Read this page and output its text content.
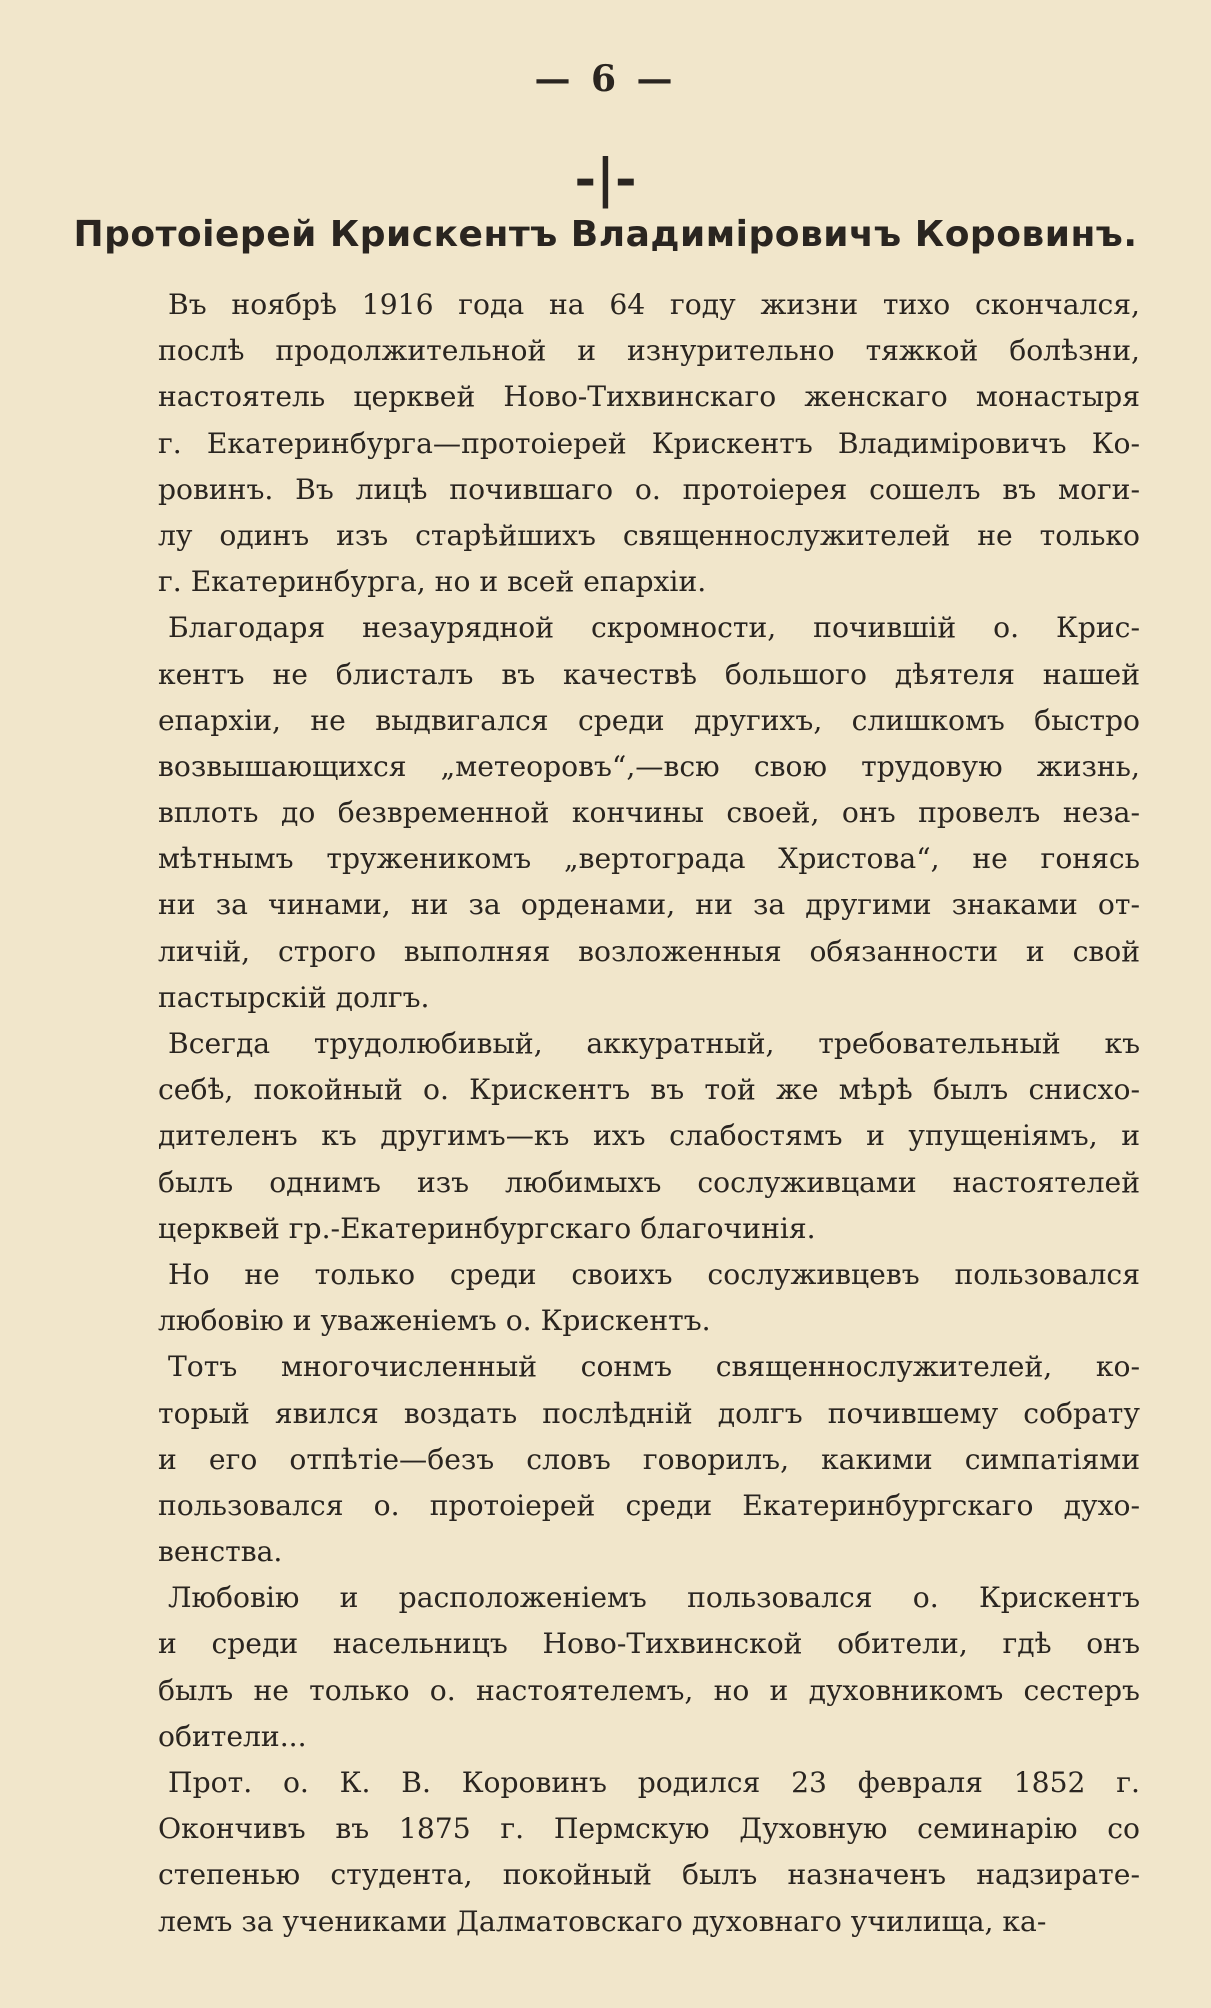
— 6 —
-|-
Протоіерей Крискентъ Владиміровичъ Коровинъ.
Въ ноябрѣ 1916 года на 64 году жизни тихо скончался,
послѣ продолжительной и изнурительно тяжкой болѣзни,
настоятель церквей Ново-Тихвинскаго женскаго монастыря
г. Екатеринбурга—протоіерей Крискентъ Владиміровичъ Ко-
ровинъ. Въ лицѣ почившаго о. протоіерея сошелъ въ моги-
лу одинъ изъ старѣйшихъ священнослужителей не только
г. Екатеринбурга, но и всей епархіи.
Благодаря незаурядной скромности, почившій о. Крис-
кентъ не блисталъ въ качествѣ большого дѣятеля нашей
епархіи, не выдвигался среди другихъ, слишкомъ быстро
возвышающихся „метеоровъ“,—всю свою трудовую жизнь,
вплоть до безвременной кончины своей, онъ провелъ неза-
мѣтнымъ труженикомъ „вертограда Христова“, не гонясь
ни за чинами, ни за орденами, ни за другими знаками от-
личій, строго выполняя возложенныя обязанности и свой
пастырскій долгъ.
Всегда трудолюбивый, аккуратный, требовательный къ
себѣ, покойный о. Крискентъ въ той же мѣрѣ былъ снисхо-
дителенъ къ другимъ—къ ихъ слабостямъ и упущеніямъ, и
былъ однимъ изъ любимыхъ сослуживцами настоятелей
церквей гр.-Екатеринбургскаго благочинія.
Но не только среди своихъ сослуживцевъ пользовался
любовію и уваженіемъ о. Крискентъ.
Тотъ многочисленный сонмъ священнослужителей, ко-
торый явился воздать послѣдній долгъ почившему собрату
и его отпѣтіе—безъ словъ говорилъ, какими симпатіями
пользовался о. протоіерей среди Екатеринбургскаго духо-
венства.
Любовію и расположеніемъ пользовался о. Крискентъ
и среди насельницъ Ново-Тихвинской обители, гдѣ онъ
былъ не только о. настоятелемъ, но и духовникомъ сестеръ
обители...
Прот. о. К. В. Коровинъ родился 23 февраля 1852 г.
Окончивъ въ 1875 г. Пермскую Духовную семинарію со
степенью студента, покойный былъ назначенъ надзирате-
лемъ за учениками Далматовскаго духовнаго училища, ка-
